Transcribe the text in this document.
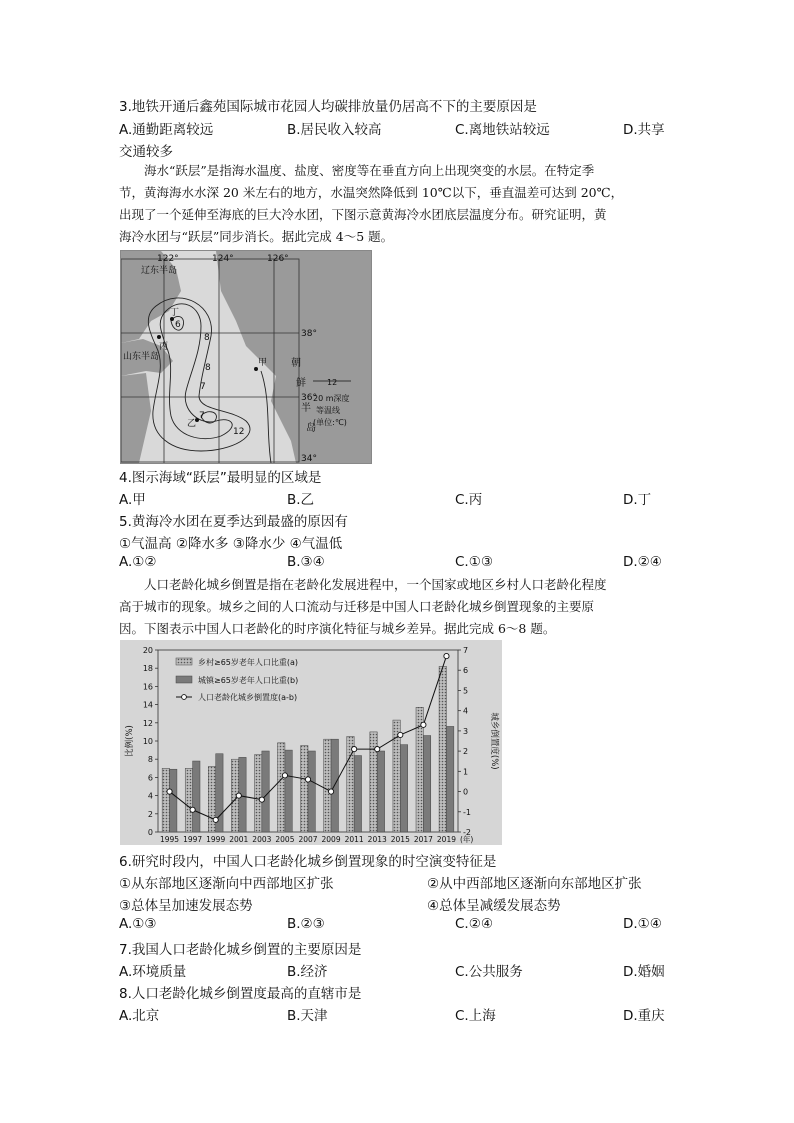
3.地铁开通后鑫苑国际城市花园人均碳排放量仍居高不下的主要原因是
A.通勤距离较远	B.居民收入较高	C.离地铁站较远	D.共享
交通较多

海水“跃层”是指海水温度、盐度、密度等在垂直方向上出现突变的水层。在特定季

节，黄海海水水深 20 米左右的地方，水温突然降低到 10℃以下，垂直温差可达到 20℃，

出现了一个延伸至海底的巨大冷水团，下图示意黄海冷水团底层温度分布。研究证明，黄

海冷水团与“跃层”同步消长。据此完成 4～5 题。

122°	124°	126°
38°
36°
34°
辽东半岛
山东半岛
朝
鲜
半
岛
丁
丙
甲
乙
6
8
8
7
7
12
12
20 m深度
等温线
(单位:℃)
4.图示海域“跃层”最明显的区域是
A.甲	B.乙	C.丙	D.丁
5.黄海冷水团在夏季达到最盛的原因有
①气温高 ②降水多 ③降水少 ④气温低
A.①②	B.③④	C.①③	D.②④

人口老龄化城乡倒置是指在老龄化发展进程中，一个国家或地区乡村人口老龄化程度

高于城市的现象。城乡之间的人口流动与迁移是中国人口老龄化城乡倒置现象的主要原

因。下图表示中国人口老龄化的时序演化特征与城乡差异。据此完成 6～8 题。

0
2
4
6
8
10
12
14
16
18
20
-2
-1
0
1
2
3
4
5
6
7
1995 1997 1999 2001 2003 2005 2007 2009 2011 2013 2015 2017 2019 (年)
比例(%)	城乡倒置度(%)
乡村≥65岁老年人口比重(a)
城镇≥65岁老年人口比重(b)
人口老龄化城乡倒置度(a-b)
6.研究时段内，中国人口老龄化城乡倒置现象的时空演变特征是
①从东部地区逐渐向中西部地区扩张	②从中西部地区逐渐向东部地区扩张
③总体呈加速发展态势	④总体呈减缓发展态势
A.①③	B.②③	C.②④	D.①④
7.我国人口老龄化城乡倒置的主要原因是
A.环境质量	B.经济	C.公共服务	D.婚姻
8.人口老龄化城乡倒置度最高的直辖市是
A.北京	B.天津	C.上海	D.重庆
